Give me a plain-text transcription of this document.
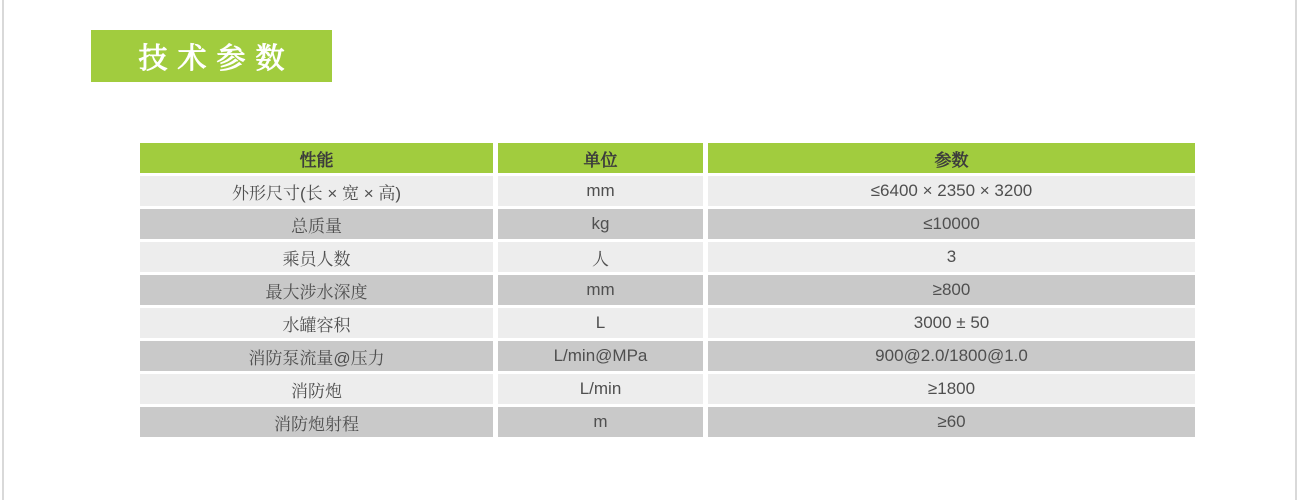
技术参数
性能	单位	参数
外形尺寸(长 × 宽 × 高)	mm	≤6400 × 2350 × 3200
总质量	kg	≤10000
乘员人数	人	3
最大涉水深度	mm	≥800
水罐容积	L	3000 ± 50
消防泵流量@压力	L/min@MPa	900@2.0/1800@1.0
消防炮	L/min	≥1800
消防炮射程	m	≥60
